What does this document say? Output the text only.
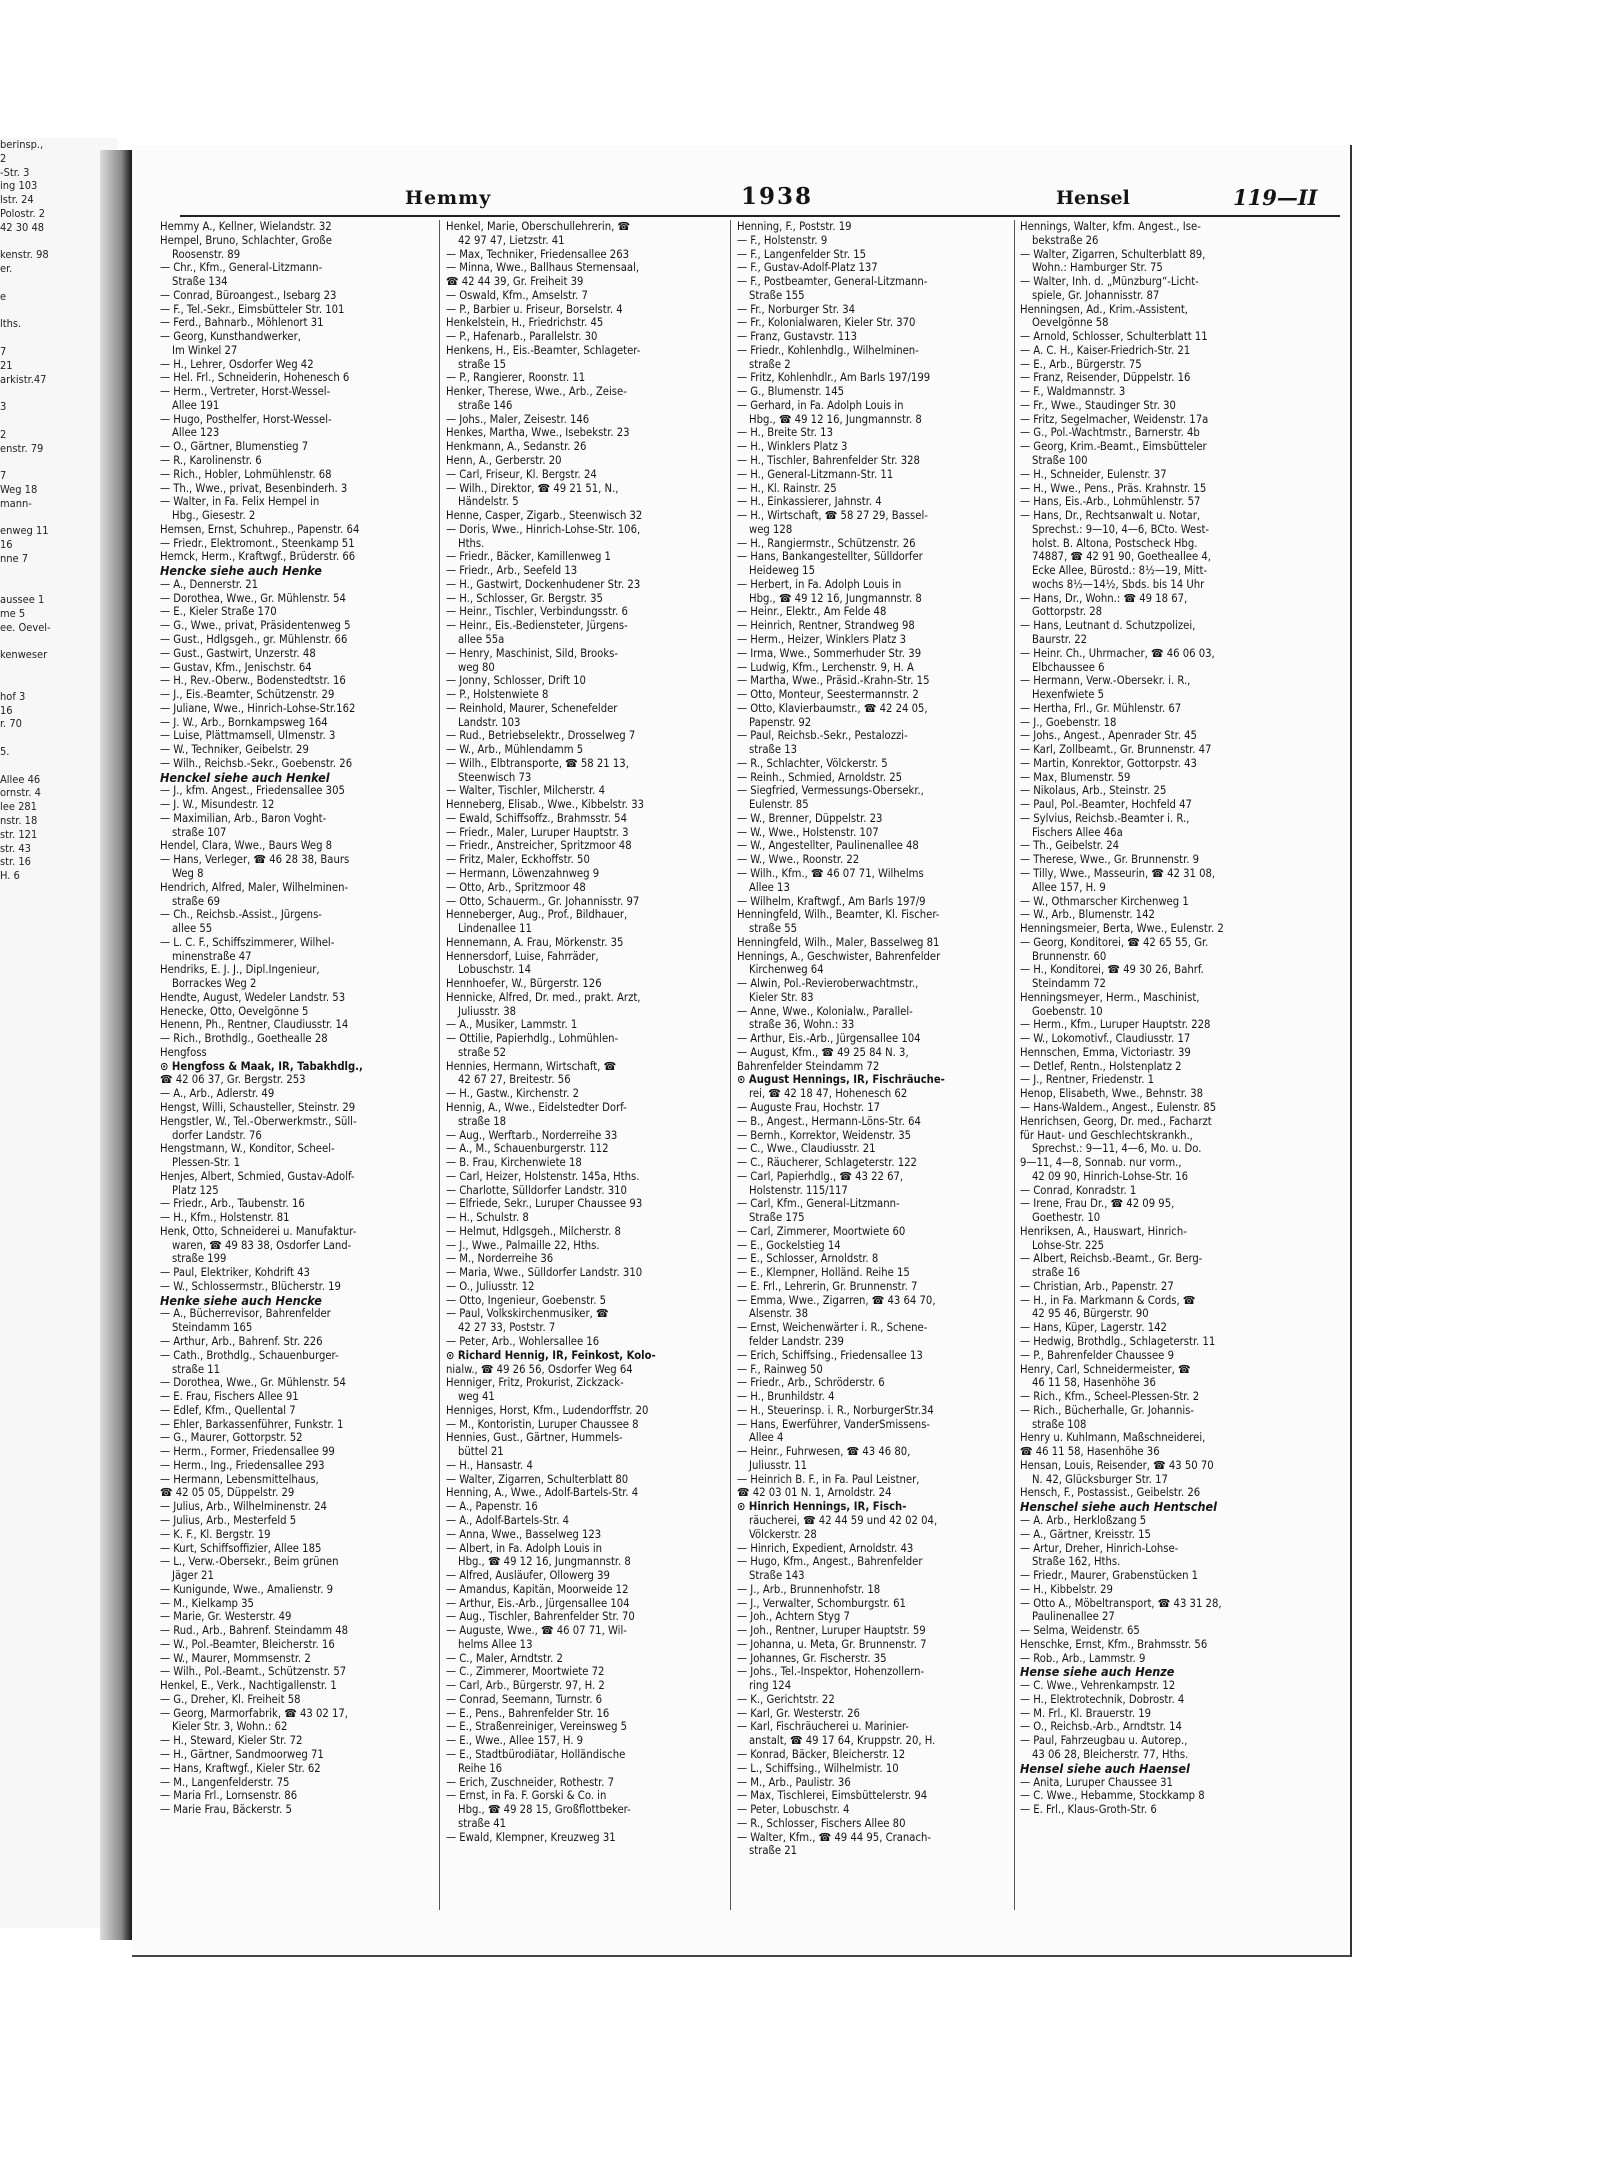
berinsp.,
2
-Str. 3
ing 103
lstr. 24
Polostr. 2
42 30 48

kenstr. 98
er.

e

lths.

7
21
arkistr.47

3

2
enstr. 79

7
Weg 18
mann-

enweg 11
16
nne 7

aussee 1
me 5
ee. Oevel-

kenweser

hof 3
16
r. 70

5.

Allee 46
ornstr. 4
lee 281
nstr. 18
str. 121
str. 43
str. 16
H. 6
Hemmy	1938	Hensel	119—II
Hemmy A., Kellner, Wielandstr. 32
Hempel, Bruno, Schlachter, Große
Roosenstr. 89
— Chr., Kfm., General-Litzmann-
Straße 134
— Conrad, Büroangest., Isebarg 23
— F., Tel.-Sekr., Eimsbütteler Str. 101
— Ferd., Bahnarb., Möhlenort 31
— Georg, Kunsthandwerker,
Im Winkel 27
— H., Lehrer, Osdorfer Weg 42
— Hel. Frl., Schneiderin, Hohenesch 6
— Herm., Vertreter, Horst-Wessel-
Allee 191
— Hugo, Posthelfer, Horst-Wessel-
Allee 123
— O., Gärtner, Blumenstieg 7
— R., Karolinenstr. 6
— Rich., Hobler, Lohmühlenstr. 68
— Th., Wwe., privat, Besenbinderh. 3
— Walter, in Fa. Felix Hempel in
Hbg., Giesestr. 2
Hemsen, Ernst, Schuhrep., Papenstr. 64
— Friedr., Elektromont., Steenkamp 51
Hemck, Herm., Kraftwgf., Brüderstr. 66
Hencke siehe auch Henke
— A., Dennerstr. 21
— Dorothea, Wwe., Gr. Mühlenstr. 54
— E., Kieler Straße 170
— G., Wwe., privat, Präsidentenweg 5
— Gust., Hdlgsgeh., gr. Mühlenstr. 66
— Gust., Gastwirt, Unzerstr. 48
— Gustav, Kfm., Jenischstr. 64
— H., Rev.-Oberw., Bodenstedtstr. 16
— J., Eis.-Beamter, Schützenstr. 29
— Juliane, Wwe., Hinrich-Lohse-Str.162
— J. W., Arb., Bornkampsweg 164
— Luise, Plättmamsell, Ulmenstr. 3
— W., Techniker, Geibelstr. 29
— Wilh., Reichsb.-Sekr., Goebenstr. 26
Henckel siehe auch Henkel
— J., kfm. Angest., Friedensallee 305
— J. W., Misundestr. 12
— Maximilian, Arb., Baron Voght-
straße 107
Hendel, Clara, Wwe., Baurs Weg 8
— Hans, Verleger, ☎ 46 28 38, Baurs
Weg 8
Hendrich, Alfred, Maler, Wilhelminen-
straße 69
— Ch., Reichsb.-Assist., Jürgens-
allee 55
— L. C. F., Schiffszimmerer, Wilhel-
minenstraße 47
Hendriks, E. J. J., Dipl.Ingenieur,
Borrackes Weg 2
Hendte, August, Wedeler Landstr. 53
Henecke, Otto, Oevelgönne 5
Henenn, Ph., Rentner, Claudiusstr. 14
— Rich., Brothdlg., Goethealle 28
Hengfoss
⊙ Hengfoss & Maak, IR, Tabakhdlg.,
☎ 42 06 37, Gr. Bergstr. 253
— A., Arb., Adlerstr. 49
Hengst, Willi, Schausteller, Steinstr. 29
Hengstler, W., Tel.-Oberwerkmstr., Süll-
dorfer Landstr. 76
Hengstmann, W., Konditor, Scheel-
Plessen-Str. 1
Henjes, Albert, Schmied, Gustav-Adolf-
Platz 125
— Friedr., Arb., Taubenstr. 16
— H., Kfm., Holstenstr. 81
Henk, Otto, Schneiderei u. Manufaktur-
waren, ☎ 49 83 38, Osdorfer Land-
straße 199
— Paul, Elektriker, Kohdrift 43
— W., Schlossermstr., Blücherstr. 19
Henke siehe auch Hencke
— A., Bücherrevisor, Bahrenfelder
Steindamm 165
— Arthur, Arb., Bahrenf. Str. 226
— Cath., Brothdlg., Schauenburger-
straße 11
— Dorothea, Wwe., Gr. Mühlenstr. 54
— E. Frau, Fischers Allee 91
— Edlef, Kfm., Quellental 7
— Ehler, Barkassenführer, Funkstr. 1
— G., Maurer, Gottorpstr. 52
— Herm., Former, Friedensallee 99
— Herm., Ing., Friedensallee 293
— Hermann, Lebensmittelhaus,
☎ 42 05 05, Düppelstr. 29
— Julius, Arb., Wilhelminenstr. 24
— Julius, Arb., Mesterfeld 5
— K. F., Kl. Bergstr. 19
— Kurt, Schiffsoffizier, Allee 185
— L., Verw.-Obersekr., Beim grünen
Jäger 21
— Kunigunde, Wwe., Amalienstr. 9
— M., Kielkamp 35
— Marie, Gr. Westerstr. 49
— Rud., Arb., Bahrenf. Steindamm 48
— W., Pol.-Beamter, Bleicherstr. 16
— W., Maurer, Mommsenstr. 2
— Wilh., Pol.-Beamt., Schützenstr. 57
Henkel, E., Verk., Nachtigallenstr. 1
— G., Dreher, Kl. Freiheit 58
— Georg, Marmorfabrik, ☎ 43 02 17,
Kieler Str. 3, Wohn.: 62
— H., Steward, Kieler Str. 72
— H., Gärtner, Sandmoorweg 71
— Hans, Kraftwgf., Kieler Str. 62
— M., Langenfelderstr. 75
— Maria Frl., Lornsenstr. 86
— Marie Frau, Bäckerstr. 5
Henkel, Marie, Oberschullehrerin, ☎
42 97 47, Lietzstr. 41
— Max, Techniker, Friedensallee 263
— Minna, Wwe., Ballhaus Sternensaal,
☎ 42 44 39, Gr. Freiheit 39
— Oswald, Kfm., Amselstr. 7
— P., Barbier u. Friseur, Borselstr. 4
Henkelstein, H., Friedrichstr. 45
— P., Hafenarb., Parallelstr. 30
Henkens, H., Eis.-Beamter, Schlageter-
straße 15
— P., Rangierer, Roonstr. 11
Henker, Therese, Wwe., Arb., Zeise-
straße 146
— Johs., Maler, Zeisestr. 146
Henkes, Martha, Wwe., Isebekstr. 23
Henkmann, A., Sedanstr. 26
Henn, A., Gerberstr. 20
— Carl, Friseur, Kl. Bergstr. 24
— Wilh., Direktor, ☎ 49 21 51, N.,
Händelstr. 5
Henne, Casper, Zigarb., Steenwisch 32
— Doris, Wwe., Hinrich-Lohse-Str. 106,
Hths.
— Friedr., Bäcker, Kamillenweg 1
— Friedr., Arb., Seefeld 13
— H., Gastwirt, Dockenhudener Str. 23
— H., Schlosser, Gr. Bergstr. 35
— Heinr., Tischler, Verbindungsstr. 6
— Heinr., Eis.-Bediensteter, Jürgens-
allee 55a
— Henry, Maschinist, Sild, Brooks-
weg 80
— Jonny, Schlosser, Drift 10
— P., Holstenwiete 8
— Reinhold, Maurer, Schenefelder
Landstr. 103
— Rud., Betriebselektr., Drosselweg 7
— W., Arb., Mühlendamm 5
— Wilh., Elbtransporte, ☎ 58 21 13,
Steenwisch 73
— Walter, Tischler, Milcherstr. 4
Henneberg, Elisab., Wwe., Kibbelstr. 33
— Ewald, Schiffsoffz., Brahmsstr. 54
— Friedr., Maler, Luruper Hauptstr. 3
— Friedr., Anstreicher, Spritzmoor 48
— Fritz, Maler, Eckhoffstr. 50
— Hermann, Löwenzahnweg 9
— Otto, Arb., Spritzmoor 48
— Otto, Schauerm., Gr. Johannisstr. 97
Henneberger, Aug., Prof., Bildhauer,
Lindenallee 11
Hennemann, A. Frau, Mörkenstr. 35
Hennersdorf, Luise, Fahrräder,
Lobuschstr. 14
Hennhoefer, W., Bürgerstr. 126
Hennicke, Alfred, Dr. med., prakt. Arzt,
Juliusstr. 38
— A., Musiker, Lammstr. 1
— Ottilie, Papierhdlg., Lohmühlen-
straße 52
Hennies, Hermann, Wirtschaft, ☎
42 67 27, Breitestr. 56
— H., Gastw., Kirchenstr. 2
Hennig, A., Wwe., Eidelstedter Dorf-
straße 18
— Aug., Werftarb., Norderreihe 33
— A., M., Schauenburgerstr. 112
— B. Frau, Kirchenwiete 18
— Carl, Heizer, Holstenstr. 145a, Hths.
— Charlotte, Sülldorfer Landstr. 310
— Elfriede, Sekr., Luruper Chaussee 93
— H., Schulstr. 8
— Helmut, Hdlgsgeh., Milcherstr. 8
— J., Wwe., Palmaille 22, Hths.
— M., Norderreihe 36
— Maria, Wwe., Sülldorfer Landstr. 310
— O., Juliusstr. 12
— Otto, Ingenieur, Goebenstr. 5
— Paul, Volkskirchenmusiker, ☎
42 27 33, Poststr. 7
— Peter, Arb., Wohlersallee 16
⊙ Richard Hennig, IR, Feinkost, Kolo-
nialw., ☎ 49 26 56, Osdorfer Weg 64
Henniger, Fritz, Prokurist, Zickzack-
weg 41
Henniges, Horst, Kfm., Ludendorffstr. 20
— M., Kontoristin, Luruper Chaussee 8
Hennies, Gust., Gärtner, Hummels-
büttel 21
— H., Hansastr. 4
— Walter, Zigarren, Schulterblatt 80
Henning, A., Wwe., Adolf-Bartels-Str. 4
— A., Papenstr. 16
— A., Adolf-Bartels-Str. 4
— Anna, Wwe., Basselweg 123
— Albert, in Fa. Adolph Louis in
Hbg., ☎ 49 12 16, Jungmannstr. 8
— Alfred, Ausläufer, Ollowerg 39
— Amandus, Kapitän, Moorweide 12
— Arthur, Eis.-Arb., Jürgensallee 104
— Aug., Tischler, Bahrenfelder Str. 70
— Auguste, Wwe., ☎ 46 07 71, Wil-
helms Allee 13
— C., Maler, Arndtstr. 2
— C., Zimmerer, Moortwiete 72
— Carl, Arb., Bürgerstr. 97, H. 2
— Conrad, Seemann, Turnstr. 6
— E., Pens., Bahrenfelder Str. 16
— E., Straßenreiniger, Vereinsweg 5
— E., Wwe., Allee 157, H. 9
— E., Stadtbürodiätar, Holländische
Reihe 16
— Erich, Zuschneider, Rothestr. 7
— Ernst, in Fa. F. Gorski & Co. in
Hbg., ☎ 49 28 15, Großflottbeker-
straße 41
— Ewald, Klempner, Kreuzweg 31
Henning, F., Poststr. 19
— F., Holstenstr. 9
— F., Langenfelder Str. 15
— F., Gustav-Adolf-Platz 137
— F., Postbeamter, General-Litzmann-
Straße 155
— Fr., Norburger Str. 34
— Fr., Kolonialwaren, Kieler Str. 370
— Franz, Gustavstr. 113
— Friedr., Kohlenhdlg., Wilhelminen-
straße 2
— Fritz, Kohlenhdlr., Am Barls 197/199
— G., Blumenstr. 145
— Gerhard, in Fa. Adolph Louis in
Hbg., ☎ 49 12 16, Jungmannstr. 8
— H., Breite Str. 13
— H., Winklers Platz 3
— H., Tischler, Bahrenfelder Str. 328
— H., General-Litzmann-Str. 11
— H., Kl. Rainstr. 25
— H., Einkassierer, Jahnstr. 4
— H., Wirtschaft, ☎ 58 27 29, Bassel-
weg 128
— H., Rangiermstr., Schützenstr. 26
— Hans, Bankangestellter, Sülldorfer
Heideweg 15
— Herbert, in Fa. Adolph Louis in
Hbg., ☎ 49 12 16, Jungmannstr. 8
— Heinr., Elektr., Am Felde 48
— Heinrich, Rentner, Strandweg 98
— Herm., Heizer, Winklers Platz 3
— Irma, Wwe., Sommerhuder Str. 39
— Ludwig, Kfm., Lerchenstr. 9, H. A
— Martha, Wwe., Präsid.-Krahn-Str. 15
— Otto, Monteur, Seestermannstr. 2
— Otto, Klavierbaumstr., ☎ 42 24 05,
Papenstr. 92
— Paul, Reichsb.-Sekr., Pestalozzi-
straße 13
— R., Schlachter, Völckerstr. 5
— Reinh., Schmied, Arnoldstr. 25
— Siegfried, Vermessungs-Obersekr.,
Eulenstr. 85
— W., Brenner, Düppelstr. 23
— W., Wwe., Holstenstr. 107
— W., Angestellter, Paulinenallee 48
— W., Wwe., Roonstr. 22
— Wilh., Kfm., ☎ 46 07 71, Wilhelms
Allee 13
— Wilhelm, Kraftwgf., Am Barls 197/9
Henningfeld, Wilh., Beamter, Kl. Fischer-
straße 55
Henningfeld, Wilh., Maler, Basselweg 81
Hennings, A., Geschwister, Bahrenfelder
Kirchenweg 64
— Alwin, Pol.-Revieroberwachtmstr.,
Kieler Str. 83
— Anne, Wwe., Kolonialw., Parallel-
straße 36, Wohn.: 33
— Arthur, Eis.-Arb., Jürgensallee 104
— August, Kfm., ☎ 49 25 84 N. 3,
Bahrenfelder Steindamm 72
⊙ August Hennings, IR, Fischräuche-
rei, ☎ 42 18 47, Hohenesch 62
— Auguste Frau, Hochstr. 17
— B., Angest., Hermann-Löns-Str. 64
— Bernh., Korrektor, Weidenstr. 35
— C., Wwe., Claudiusstr. 21
— C., Räucherer, Schlageterstr. 122
— Carl, Papierhdlg., ☎ 43 22 67,
Holstenstr. 115/117
— Carl, Kfm., General-Litzmann-
Straße 175
— Carl, Zimmerer, Moortwiete 60
— E., Gockelstieg 14
— E., Schlosser, Arnoldstr. 8
— E., Klempner, Holländ. Reihe 15
— E. Frl., Lehrerin, Gr. Brunnenstr. 7
— Emma, Wwe., Zigarren, ☎ 43 64 70,
Alsenstr. 38
— Ernst, Weichenwärter i. R., Schene-
felder Landstr. 239
— Erich, Schiffsing., Friedensallee 13
— F., Rainweg 50
— Friedr., Arb., Schröderstr. 6
— H., Brunhildstr. 4
— H., Steuerinsp. i. R., NorburgerStr.34
— Hans, Ewerführer, VanderSmissens-
Allee 4
— Heinr., Fuhrwesen, ☎ 43 46 80,
Juliusstr. 11
— Heinrich B. F., in Fa. Paul Leistner,
☎ 42 03 01 N. 1, Arnoldstr. 24
⊙ Hinrich Hennings, IR, Fisch-
räucherei, ☎ 42 44 59 und 42 02 04,
Völckerstr. 28
— Hinrich, Expedient, Arnoldstr. 43
— Hugo, Kfm., Angest., Bahrenfelder
Straße 143
— J., Arb., Brunnenhofstr. 18
— J., Verwalter, Schomburgstr. 61
— Joh., Achtern Styg 7
— Joh., Rentner, Luruper Hauptstr. 59
— Johanna, u. Meta, Gr. Brunnenstr. 7
— Johannes, Gr. Fischerstr. 35
— Johs., Tel.-Inspektor, Hohenzollern-
ring 124
— K., Gerichtstr. 22
— Karl, Gr. Westerstr. 26
— Karl, Fischräucherei u. Marinier-
anstalt, ☎ 49 17 64, Kruppstr. 20, H.
— Konrad, Bäcker, Bleicherstr. 12
— L., Schiffsing., Wilhelmistr. 10
— M., Arb., Paulistr. 36
— Max, Tischlerei, Eimsbüttelerstr. 94
— Peter, Lobuschstr. 4
— R., Schlosser, Fischers Allee 80
— Walter, Kfm., ☎ 49 44 95, Cranach-
straße 21
Hennings, Walter, kfm. Angest., Ise-
bekstraße 26
— Walter, Zigarren, Schulterblatt 89,
Wohn.: Hamburger Str. 75
— Walter, Inh. d. „Münzburg“-Licht-
spiele, Gr. Johannisstr. 87
Henningsen, Ad., Krim.-Assistent,
Oevelgönne 58
— Arnold, Schlosser, Schulterblatt 11
— A. C. H., Kaiser-Friedrich-Str. 21
— E., Arb., Bürgerstr. 75
— Franz, Reisender, Düppelstr. 16
— F., Waldmannstr. 3
— Fr., Wwe., Staudinger Str. 30
— Fritz, Segelmacher, Weidenstr. 17a
— G., Pol.-Wachtmstr., Barnerstr. 4b
— Georg, Krim.-Beamt., Eimsbütteler
Straße 100
— H., Schneider, Eulenstr. 37
— H., Wwe., Pens., Präs. Krahnstr. 15
— Hans, Eis.-Arb., Lohmühlenstr. 57
— Hans, Dr., Rechtsanwalt u. Notar,
Sprechst.: 9—10, 4—6, BCto. West-
holst. B. Altona, Postscheck Hbg.
74887, ☎ 42 91 90, Goetheallee 4,
Ecke Allee, Bürostd.: 8½—19, Mitt-
wochs 8½—14½, Sbds. bis 14 Uhr
— Hans, Dr., Wohn.: ☎ 49 18 67,
Gottorpstr. 28
— Hans, Leutnant d. Schutzpolizei,
Baurstr. 22
— Heinr. Ch., Uhrmacher, ☎ 46 06 03,
Elbchaussee 6
— Hermann, Verw.-Obersekr. i. R.,
Hexenfwiete 5
— Hertha, Frl., Gr. Mühlenstr. 67
— J., Goebenstr. 18
— Johs., Angest., Apenrader Str. 45
— Karl, Zollbeamt., Gr. Brunnenstr. 47
— Martin, Konrektor, Gottorpstr. 43
— Max, Blumenstr. 59
— Nikolaus, Arb., Steinstr. 25
— Paul, Pol.-Beamter, Hochfeld 47
— Sylvius, Reichsb.-Beamter i. R.,
Fischers Allee 46a
— Th., Geibelstr. 24
— Therese, Wwe., Gr. Brunnenstr. 9
— Tilly, Wwe., Masseurin, ☎ 42 31 08,
Allee 157, H. 9
— W., Othmarscher Kirchenweg 1
— W., Arb., Blumenstr. 142
Henningsmeier, Berta, Wwe., Eulenstr. 2
— Georg, Konditorei, ☎ 42 65 55, Gr.
Brunnenstr. 60
— H., Konditorei, ☎ 49 30 26, Bahrf.
Steindamm 72
Henningsmeyer, Herm., Maschinist,
Goebenstr. 10
— Herm., Kfm., Luruper Hauptstr. 228
— W., Lokomotivf., Claudiusstr. 17
Hennschen, Emma, Victoriastr. 39
— Detlef, Rentn., Holstenplatz 2
— J., Rentner, Friedenstr. 1
Henop, Elisabeth, Wwe., Behnstr. 38
— Hans-Waldem., Angest., Eulenstr. 85
Henrichsen, Georg, Dr. med., Facharzt
für Haut- und Geschlechtskrankh.,
Sprechst.: 9—11, 4—6, Mo. u. Do.
9—11, 4—8, Sonnab. nur vorm.,
42 09 90, Hinrich-Lohse-Str. 16
— Conrad, Konradstr. 1
— Irene, Frau Dr., ☎ 42 09 95,
Goethestr. 10
Henriksen, A., Hauswart, Hinrich-
Lohse-Str. 225
— Albert, Reichsb.-Beamt., Gr. Berg-
straße 16
— Christian, Arb., Papenstr. 27
— H., in Fa. Markmann & Cords, ☎
42 95 46, Bürgerstr. 90
— Hans, Küper, Lagerstr. 142
— Hedwig, Brothdlg., Schlageterstr. 11
— P., Bahrenfelder Chaussee 9
Henry, Carl, Schneidermeister, ☎
46 11 58, Hasenhöhe 36
— Rich., Kfm., Scheel-Plessen-Str. 2
— Rich., Bücherhalle, Gr. Johannis-
straße 108
Henry u. Kuhlmann, Maßschneiderei,
☎ 46 11 58, Hasenhöhe 36
Hensan, Louis, Reisender, ☎ 43 50 70
N. 42, Glücksburger Str. 17
Hensch, F., Postassist., Geibelstr. 26
Henschel siehe auch Hentschel
— A. Arb., Herkloßzang 5
— A., Gärtner, Kreisstr. 15
— Artur, Dreher, Hinrich-Lohse-
Straße 162, Hths.
— Friedr., Maurer, Grabenstücken 1
— H., Kibbelstr. 29
— Otto A., Möbeltransport, ☎ 43 31 28,
Paulinenallee 27
— Selma, Weidenstr. 65
Henschke, Ernst, Kfm., Brahmsstr. 56
— Rob., Arb., Lammstr. 9
Hense siehe auch Henze
— C. Wwe., Vehrenkampstr. 12
— H., Elektrotechnik, Dobrostr. 4
— M. Frl., Kl. Brauerstr. 19
— O., Reichsb.-Arb., Arndtstr. 14
— Paul, Fahrzeugbau u. Autorep.,
43 06 28, Bleicherstr. 77, Hths.
Hensel siehe auch Haensel
— Anita, Luruper Chaussee 31
— C. Wwe., Hebamme, Stockkamp 8
— E. Frl., Klaus-Groth-Str. 6
